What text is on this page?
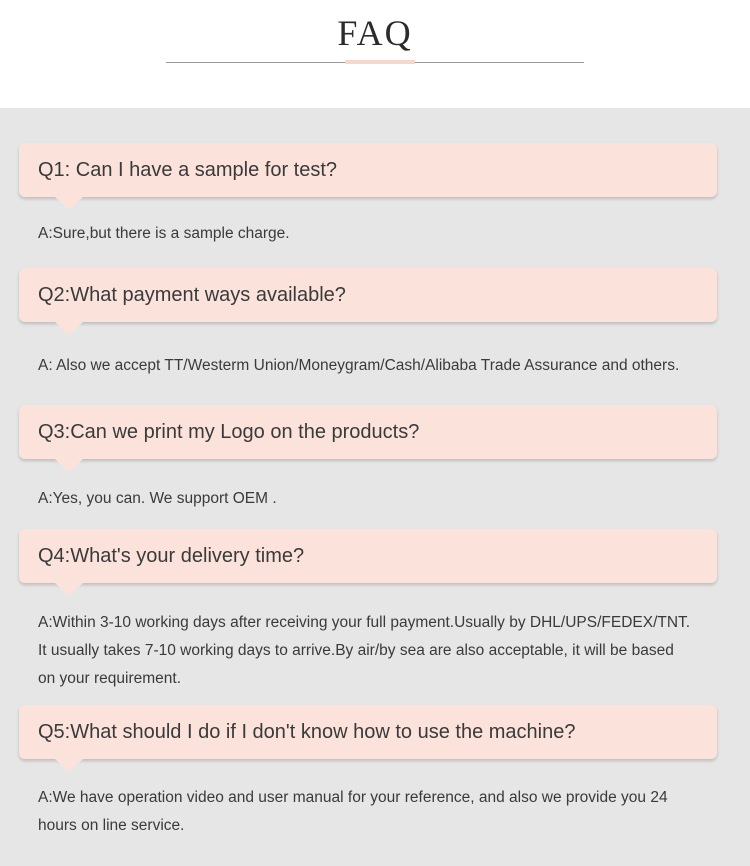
FAQ
Q1: Can I have a sample for test?
A:Sure,but there is a sample charge.
Q2:What payment ways available?
A: Also we accept TT/Westerm Union/Moneygram/Cash/Alibaba Trade Assurance and others.
Q3:Can we print my Logo on the products?
A:Yes, you can. We support OEM .
Q4:What's your delivery time?
A:Within 3-10 working days after receiving your full payment.Usually by DHL/UPS/FEDEX/TNT.
It usually takes 7-10 working days to arrive.By air/by sea are also acceptable, it will be based
on your requirement.
Q5:What should I do if I don't know how to use the machine?
A:We have operation video and user manual for your reference, and also we provide you 24
hours on line service.
